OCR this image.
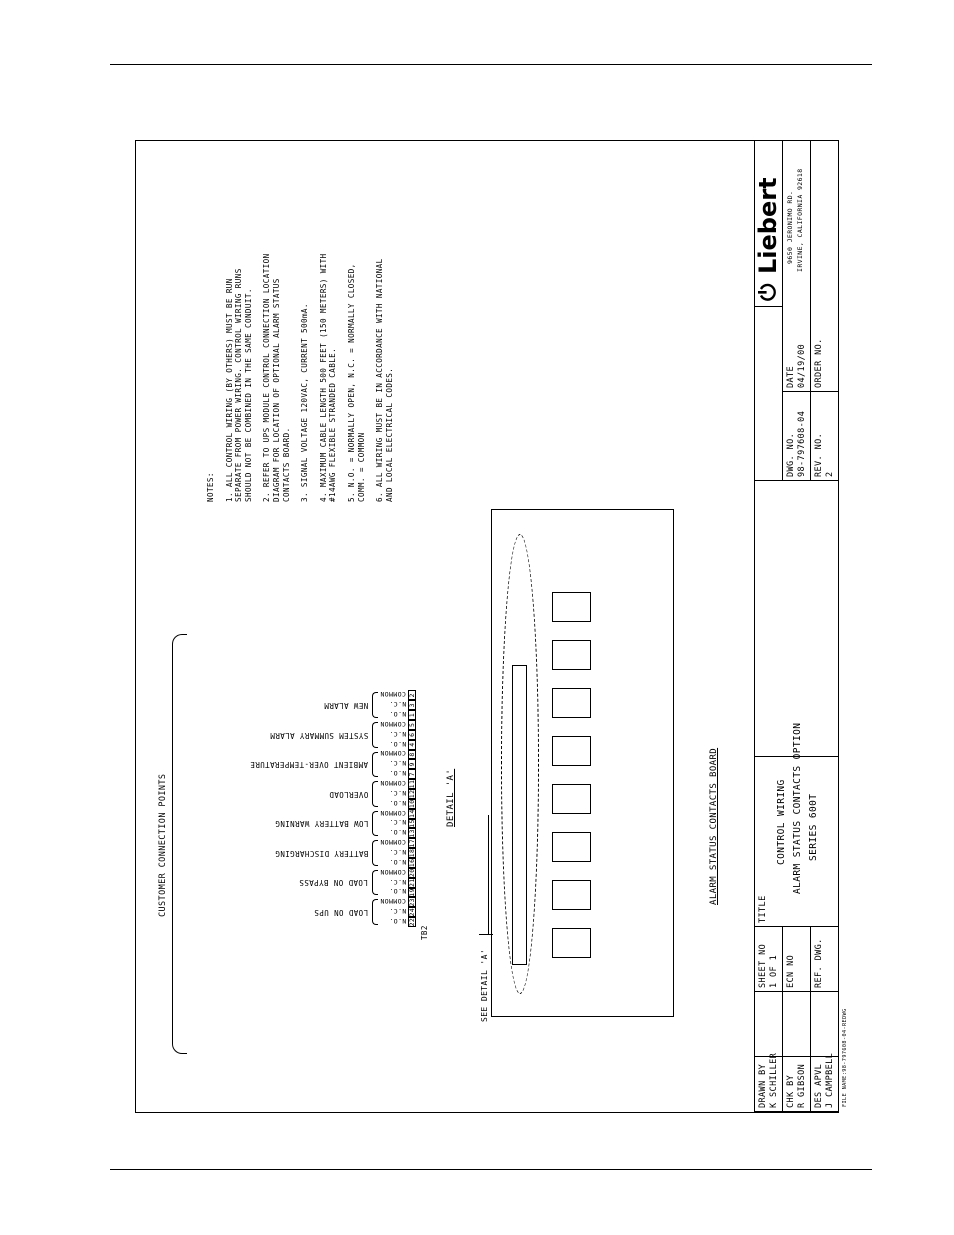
CUSTOMER CONNECTION POINTS	LOAD ON UPS
LOAD ON BYPASS
BATTERY DISCHARGING
LOW BATTERY WARNING
OVERLOAD
AMBIENT OVER-TEMPERATURE
SYSTEM SUMMARY ALARM
NEW ALARM
TB2
22
N.O.
24
N.C.
23
COMMON
19
N.O.
21
N.C.
20
COMMON
16
N.O.
18
N.C.
17
COMMON
13
N.O.
15
N.C.
14
COMMON
10
N.O.
12
N.C.
11
COMMON
7
N.O.
9
N.C.
8
COMMON
4
N.O.
6
N.C.
5
COMMON
1
N.O.
3
N.C.
2
COMMON
DETAIL 'A'
SEE DETAIL 'A'
ALARM STATUS CONTACTS BOARD
NOTES: 1. ALL CONTROL WIRING (BY OTHERS) MUST BE RUN
SEPARATE FROM POWER WIRING. CONTROL WIRING RUNS
SHOULD NOT BE COMBINED IN THE SAME CONDUIT.
2. REFER TO UPS MODULE CONTROL CONNECTION LOCATION
DIAGRAM FOR LOCATION OF OPTIONAL ALARM STATUS
CONTACTS BOARD. 3. SIGNAL VOLTAGE 120VAC, CURRENT 500mA. 4. MAXIMUM CABLE LENGTH 500 FEET (150 METERS) WITH
#14AWG FLEXIBLE STRANDED CABLE.
5. N.O. = NORMALLY OPEN, N.C. = NORMALLY CLOSED,
COMM. = COMMON
6. ALL WIRING MUST BE IN ACCORDANCE WITH NATIONAL
AND LOCAL ELECTRICAL CODES.
DRAWN BY K SCHILLER
SHEET NO 1 OF 1
CHK BY R GIBSON
ECN NO
DES APVL J CAMPBELL
REF. DWG.
TITLE
CONTROL WIRING ALARM STATUS CONTACTS OPTION SERIES 600T
DWG. NO. 98-797608-04
DATE 04/19/00
REV. NO. 2
ORDER NO.
⏻
Liebert 9650 JERONIMO RD. IRVINE, CALIFORNIA 92618
FILE NAME:98-797608-04-REDWG
